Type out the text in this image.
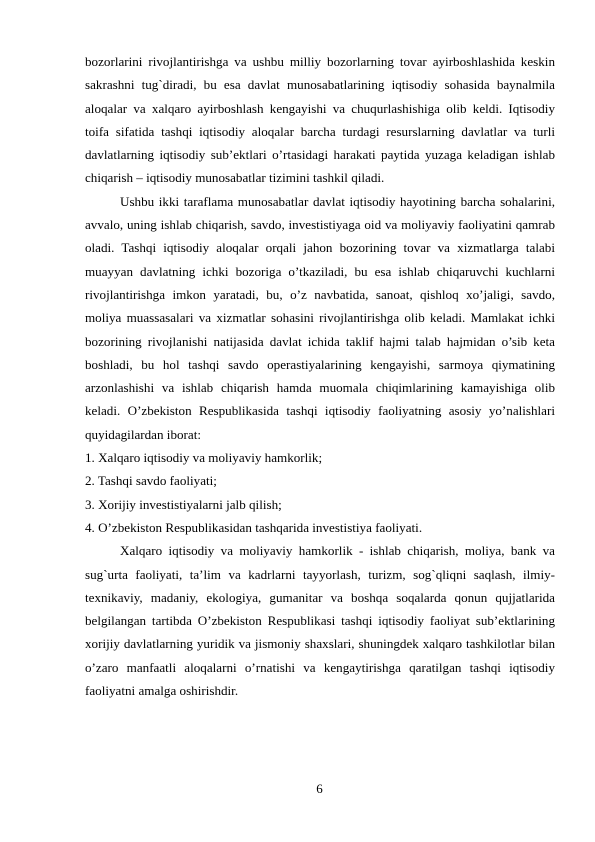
bozorlarini rivojlantirishga va ushbu milliy bozorlarning tovar ayirboshlashida keskin sakrashni tug`diradi, bu esa davlat munosabatlarining iqtisodiy sohasida baynalmila aloqalar va xalqaro ayirboshlash kengayishi va chuqurlashishiga olib keldi. Iqtisodiy toifa sifatida tashqi iqtisodiy aloqalar barcha turdagi resurslarning davlatlar va turli davlatlarning iqtisodiy sub’ektlari o’rtasidagi harakati paytida yuzaga keladigan ishlab chiqarish – iqtisodiy munosabatlar tizimini tashkil qiladi.

Ushbu ikki taraflama munosabatlar davlat iqtisodiy hayotining barcha sohalarini, avvalo, uning ishlab chiqarish, savdo, investistiyaga oid va moliyaviy faoliyatini qamrab oladi. Tashqi iqtisodiy aloqalar orqali jahon bozorining tovar va xizmatlarga talabi muayyan davlatning ichki bozoriga o’tkaziladi, bu esa ishlab chiqaruvchi kuchlarni rivojlantirishga imkon yaratadi, bu, o’z navbatida, sanoat, qishloq xo’jaligi, savdo, moliya muassasalari va xizmatlar sohasini rivojlantirishga olib keladi. Mamlakat ichki bozorining rivojlanishi natijasida davlat ichida taklif hajmi talab hajmidan o’sib keta boshladi, bu hol tashqi savdo operastiyalarining kengayishi, sarmoya qiymatining arzonlashishi va ishlab chiqarish hamda muomala chiqimlarining kamayishiga olib keladi. O’zbekiston Respublikasida tashqi iqtisodiy faoliyatning asosiy yo’nalishlari quyidagilardan iborat:

1. Xalqaro iqtisodiy va moliyaviy hamkorlik;

2. Tashqi savdo faoliyati;

3. Xorijiy investistiyalarni jalb qilish;

4. O’zbekiston Respublikasidan tashqarida investistiya faoliyati.

Xalqaro iqtisodiy va moliyaviy hamkorlik - ishlab chiqarish, moliya, bank va sug`urta faoliyati, ta’lim va kadrlarni tayyorlash, turizm, sog`qliqni saqlash, ilmiy-texnikaviy, madaniy, ekologiya, gumanitar va boshqa soqalarda qonun qujjatlarida belgilangan tartibda O’zbekiston Respublikasi tashqi iqtisodiy faoliyat sub’ektlarining xorijiy davlatlarning yuridik va jismoniy shaxslari, shuningdek xalqaro tashkilotlar bilan o’zaro manfaatli aloqalarni o’rnatishi va kengaytirishga qaratilgan tashqi iqtisodiy faoliyatni amalga oshirishdir.

6
